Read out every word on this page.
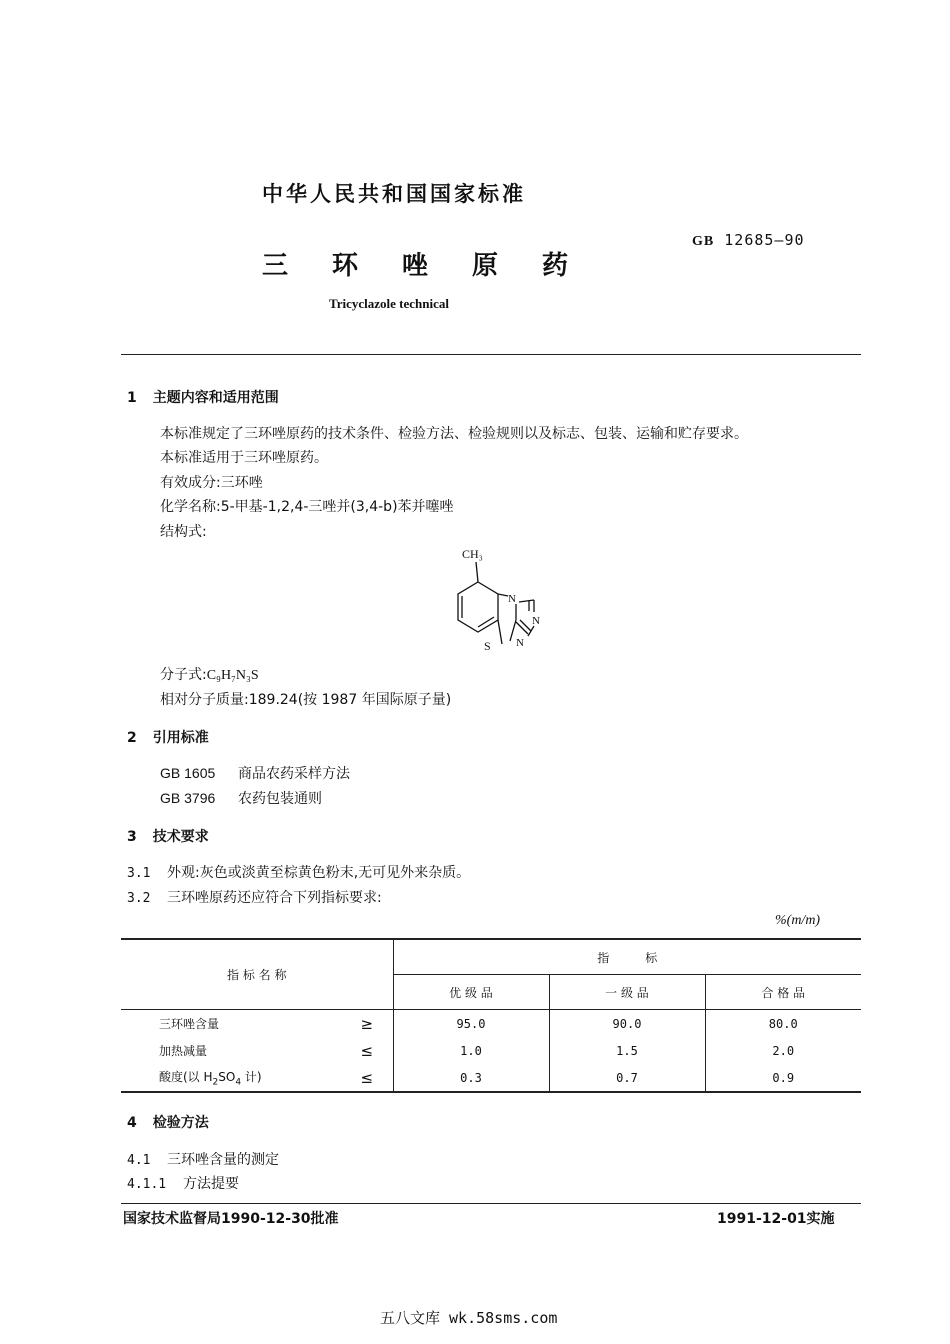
中华人民共和国国家标准
GB 12685—90
三环唑原药
Tricyclazole technical
1 主题内容和适用范围
本标准规定了三环唑原药的技术条件、检验方法、检验规则以及标志、包装、运输和贮存要求。
本标准适用于三环唑原药。
有效成分:三环唑
化学名称:5-甲基-1,2,4-三唑并(3,4-b)苯并噻唑
结构式:
CH₃
N
N
N
S
分子式:C₉H₇N₃S
相对分子质量:189.24(按 1987 年国际原子量)
2 引用标准
GB 1605 商品农药采样方法
GB 3796 农药包装通则
3 技术要求
3.1 外观:灰色或淡黄至棕黄色粉末,无可见外来杂质。
3.2 三环唑原药还应符合下列指标要求:
%(m/m)
指 标 名 称		指　　　标		
		优 级 品	一 级 品	合 格 品
三环唑含量	≥	95.0	90.0	80.0
加热减量	≤	1.0	1.5	2.0
酸度(以 $H_2SO_4$ 计)	≤	0.3	0.7	0.9
4 检验方法
4.1 三环唑含量的测定
4.1.1 方法提要
国家技术监督局1990-12-30批准	1991-12-01实施
五八文库 wk.58sms.com
